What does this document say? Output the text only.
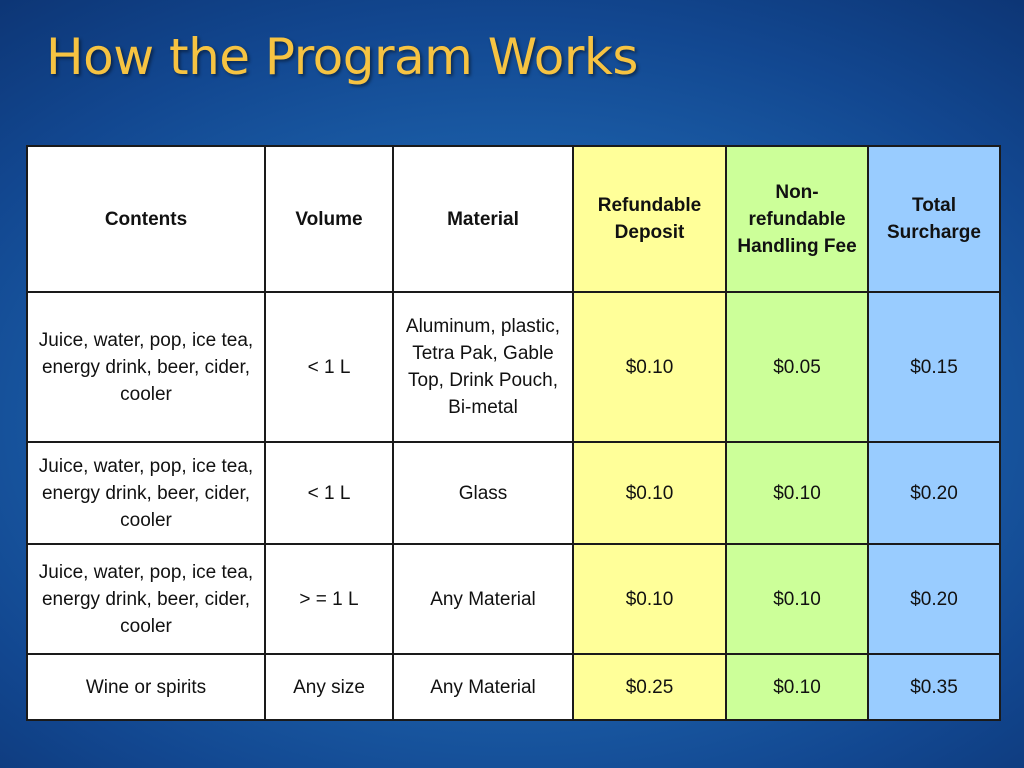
How the Program Works
Contents	Volume	Material	Refundable Deposit	Non-refundable Handling Fee	Total Surcharge
Juice, water, pop, ice tea, energy drink, beer, cider, cooler	< 1 L	Aluminum, plastic, Tetra Pak, Gable Top, Drink Pouch, Bi-metal	$0.10	$0.05	$0.15
Juice, water, pop, ice tea, energy drink, beer, cider, cooler	< 1 L	Glass	$0.10	$0.10	$0.20
Juice, water, pop, ice tea, energy drink, beer, cider, cooler	> = 1 L	Any Material	$0.10	$0.10	$0.20
Wine or spirits	Any size	Any Material	$0.25	$0.10	$0.35
